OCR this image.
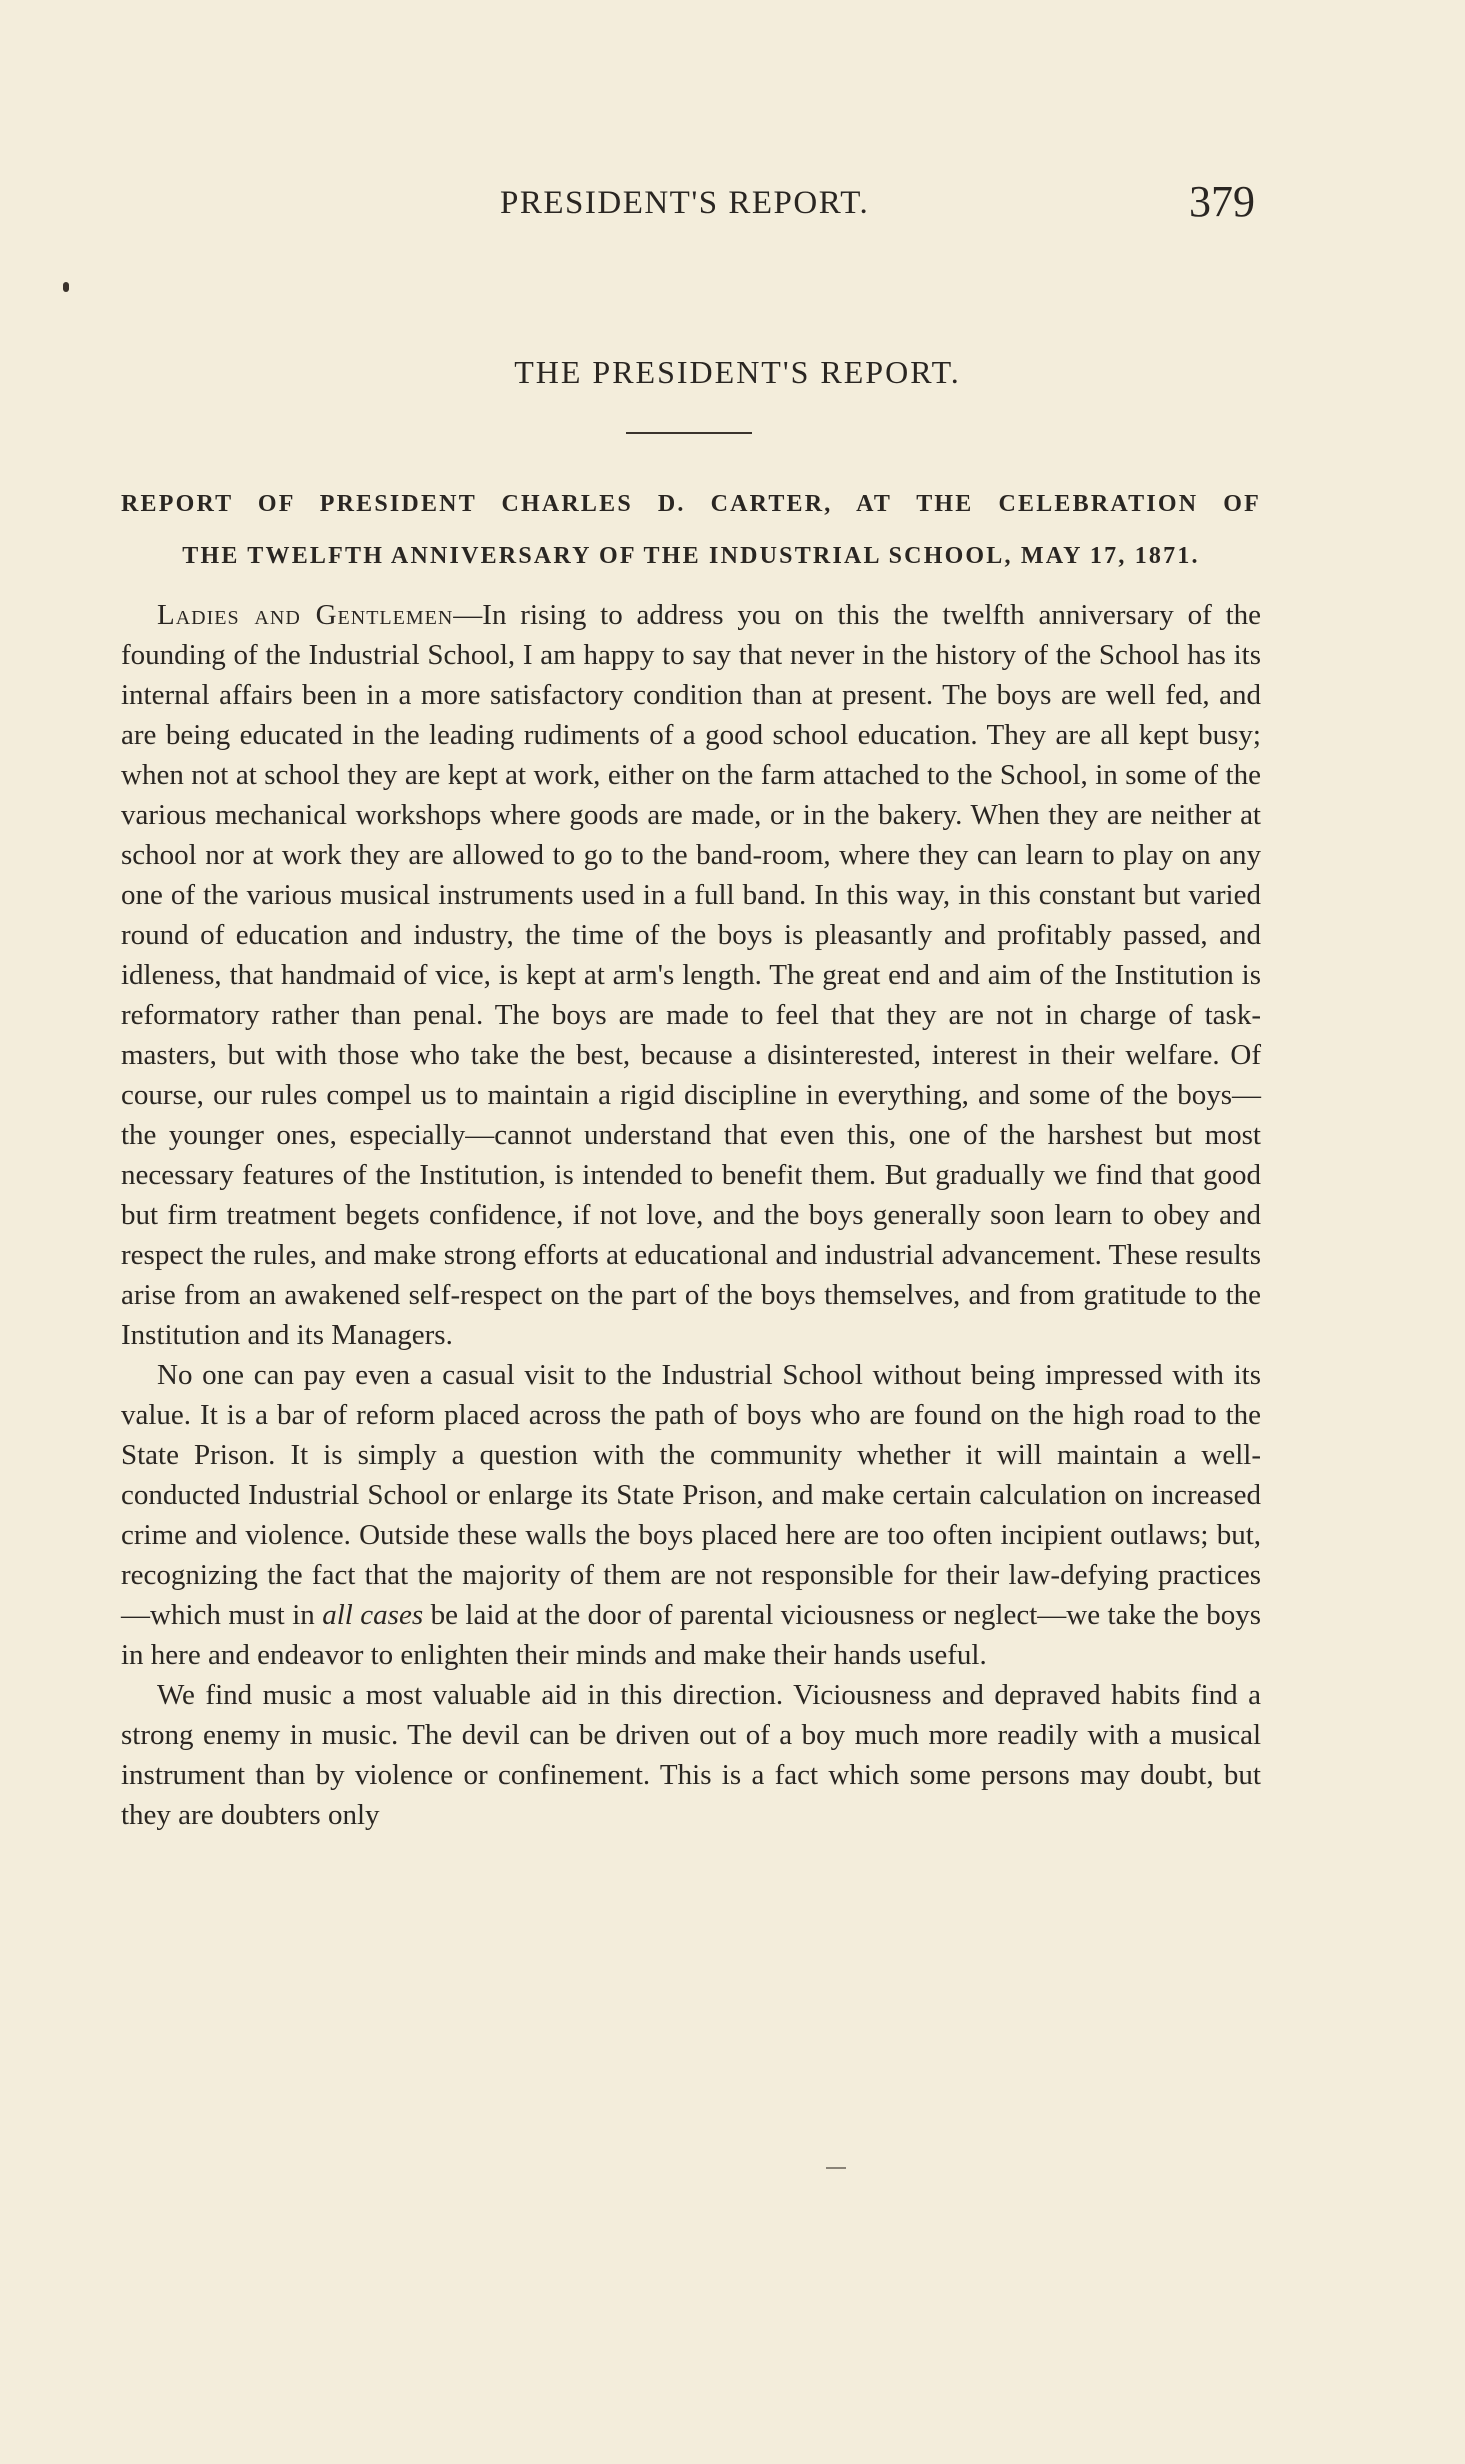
PRESIDENT'S REPORT.	379
THE PRESIDENT'S REPORT.
REPORT OF PRESIDENT CHARLES D. CARTER, AT THE CELEBRATION OF
THE TWELFTH ANNIVERSARY OF THE INDUSTRIAL SCHOOL, MAY 17, 1871.

Ladies and Gentlemen—In rising to address you on this the twelfth anniversary of the founding of the Industrial School, I am happy to say that never in the history of the School has its internal affairs been in a more satisfactory condition than at present. The boys are well fed, and are being educated in the leading rudiments of a good school education. They are all kept busy; when not at school they are kept at work, either on the farm attached to the School, in some of the various mechanical workshops where goods are made, or in the bakery. When they are neither at school nor at work they are allowed to go to the band-room, where they can learn to play on any one of the various musical instruments used in a full band. In this way, in this constant but varied round of education and industry, the time of the boys is pleasantly and profitably passed, and idleness, that handmaid of vice, is kept at arm's length. The great end and aim of the Institution is reformatory rather than penal. The boys are made to feel that they are not in charge of task-masters, but with those who take the best, because a disinterested, interest in their welfare. Of course, our rules compel us to maintain a rigid discipline in everything, and some of the boys—the younger ones, especially—cannot understand that even this, one of the harshest but most necessary features of the Institution, is intended to benefit them. But gradually we find that good but firm treatment begets confidence, if not love, and the boys generally soon learn to obey and respect the rules, and make strong efforts at educational and industrial advancement. These results arise from an awakened self-respect on the part of the boys themselves, and from gratitude to the Institution and its Managers.

No one can pay even a casual visit to the Industrial School without being impressed with its value. It is a bar of reform placed across the path of boys who are found on the high road to the State Prison. It is simply a question with the community whether it will maintain a well-conducted Industrial School or enlarge its State Prison, and make certain calculation on increased crime and violence. Outside these walls the boys placed here are too often incipient outlaws; but, recognizing the fact that the majority of them are not responsible for their law-defying practices—which must in all cases be laid at the door of parental viciousness or neglect—we take the boys in here and endeavor to enlighten their minds and make their hands useful.

We find music a most valuable aid in this direction. Viciousness and depraved habits find a strong enemy in music. The devil can be driven out of a boy much more readily with a musical instrument than by violence or confinement. This is a fact which some persons may doubt, but they are doubters only
